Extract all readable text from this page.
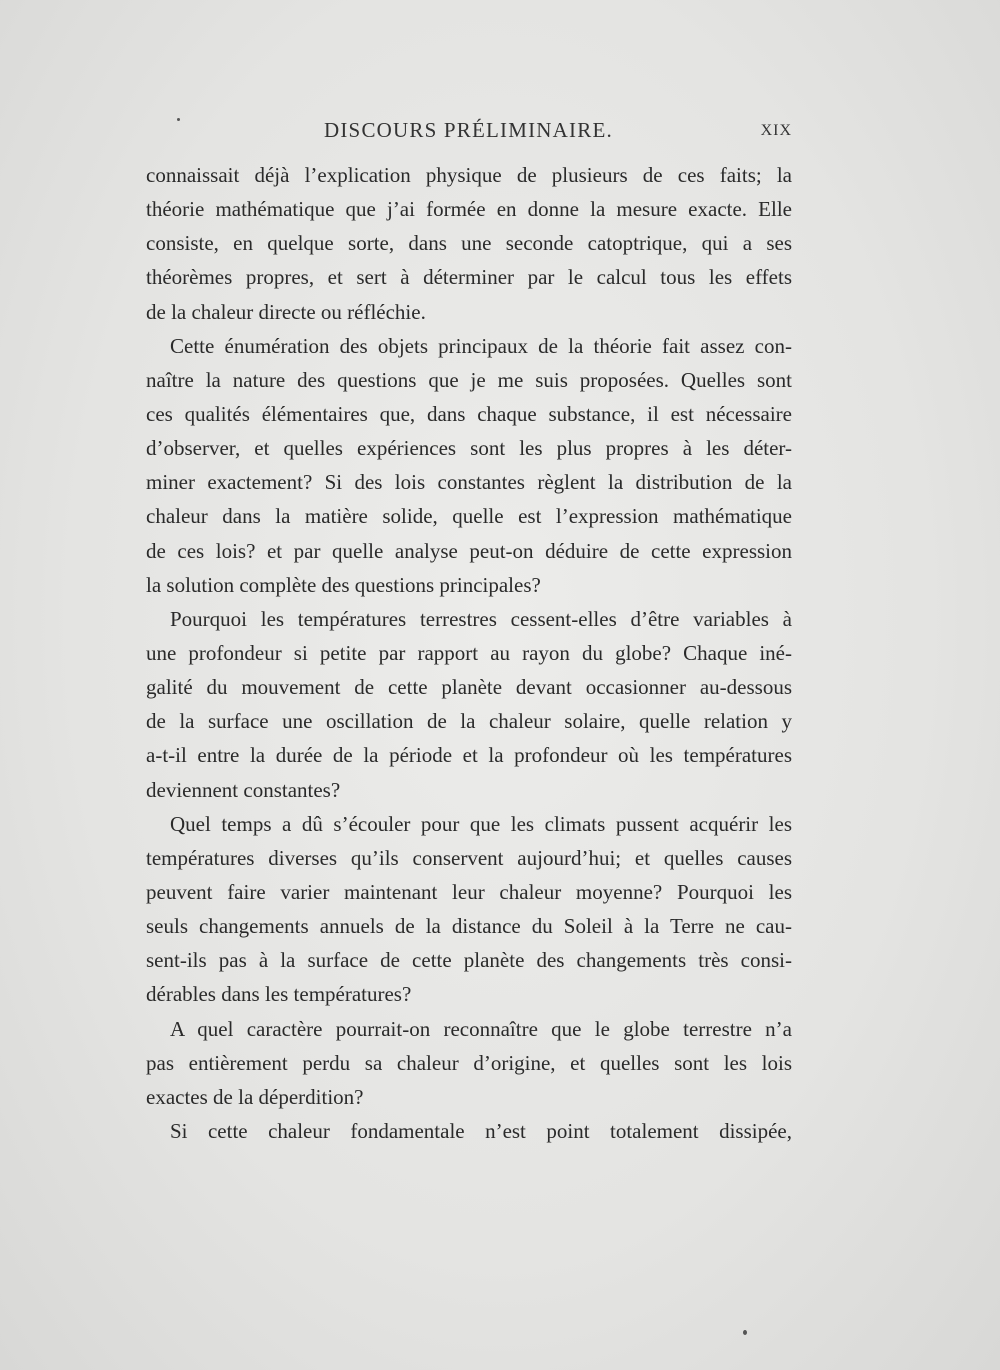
DISCOURS PRÉLIMINAIRE.	XIX
connaissait déjà l’explication physique de plusieurs de ces faits; la
théorie mathématique que j’ai formée en donne la mesure exacte. Elle
consiste, en quelque sorte, dans une seconde catoptrique, qui a ses
théorèmes propres, et sert à déterminer par le calcul tous les effets
de la chaleur directe ou réfléchie.
Cette énumération des objets principaux de la théorie fait assez con-
naître la nature des questions que je me suis proposées. Quelles sont
ces qualités élémentaires que, dans chaque substance, il est nécessaire
d’observer, et quelles expériences sont les plus propres à les déter-
miner exactement? Si des lois constantes règlent la distribution de la
chaleur dans la matière solide, quelle est l’expression mathématique
de ces lois? et par quelle analyse peut-on déduire de cette expression
la solution complète des questions principales?
Pourquoi les températures terrestres cessent-elles d’être variables à
une profondeur si petite par rapport au rayon du globe? Chaque iné-
galité du mouvement de cette planète devant occasionner au-dessous
de la surface une oscillation de la chaleur solaire, quelle relation y
a-t-il entre la durée de la période et la profondeur où les températures
deviennent constantes?
Quel temps a dû s’écouler pour que les climats pussent acquérir les
températures diverses qu’ils conservent aujourd’hui; et quelles causes
peuvent faire varier maintenant leur chaleur moyenne? Pourquoi les
seuls changements annuels de la distance du Soleil à la Terre ne cau-
sent-ils pas à la surface de cette planète des changements très consi-
dérables dans les températures?
A quel caractère pourrait-on reconnaître que le globe terrestre n’a
pas entièrement perdu sa chaleur d’origine, et quelles sont les lois
exactes de la déperdition?
Si cette chaleur fondamentale n’est point totalement dissipée,
